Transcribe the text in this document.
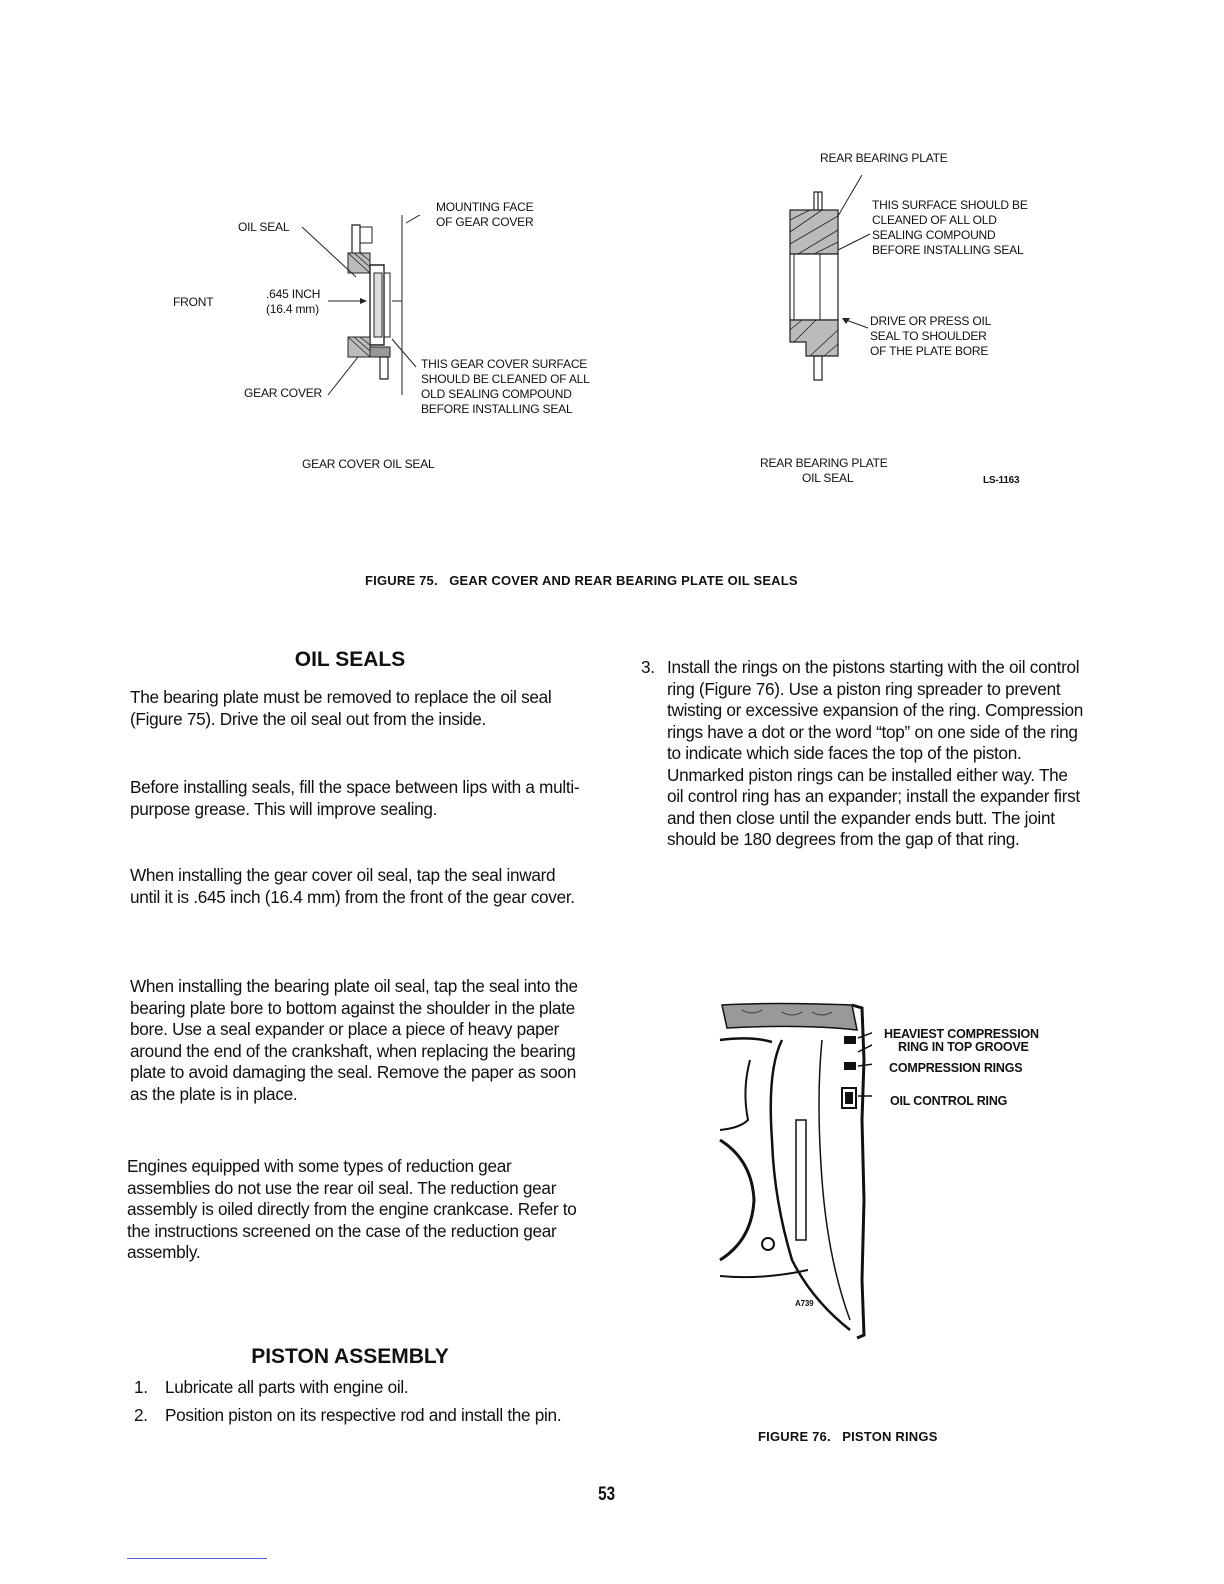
OIL SEAL
MOUNTING FACE
OF GEAR COVER
FRONT
.645 INCH
(16.4 mm)
GEAR COVER
THIS GEAR COVER SURFACE
SHOULD BE CLEANED OF ALL
OLD SEALING COMPOUND
BEFORE INSTALLING SEAL
GEAR COVER OIL SEAL
REAR BEARING PLATE
THIS SURFACE SHOULD BE
CLEANED OF ALL OLD
SEALING COMPOUND
BEFORE INSTALLING SEAL
DRIVE OR PRESS OIL
SEAL TO SHOULDER
OF THE PLATE BORE
REAR BEARING PLATE
OIL SEAL	LS-1163
FIGURE 75.   GEAR COVER AND REAR BEARING PLATE OIL SEALS
OIL SEALS
The bearing plate must be removed to replace the oil seal (Figure 75). Drive the oil seal out from the inside.
Before installing seals, fill the space between lips with a multi-purpose grease. This will improve sealing.
When installing the gear cover oil seal, tap the seal inward until it is .645 inch (16.4 mm) from the front of the gear cover.
When installing the bearing plate oil seal, tap the seal into the bearing plate bore to bottom against the shoulder in the plate bore. Use a seal expander or place a piece of heavy paper around the end of the crankshaft, when replacing the bearing plate to avoid damaging the seal. Remove the paper as soon as the plate is in place.
Engines equipped with some types of reduction gear assemblies do not use the rear oil seal. The reduction gear assembly is oiled directly from the engine crankcase. Refer to the instructions screened on the case of the reduction gear assembly.
PISTON ASSEMBLY
1. Lubricate all parts with engine oil.
2. Position piston on its respective rod and install the pin.
3. Install the rings on the pistons starting with the oil control ring (Figure 76). Use a piston ring spreader to prevent twisting or excessive expansion of the ring. Compression rings have a dot or the word “top” on one side of the ring to indicate which side faces the top of the piston. Unmarked piston rings can be installed either way. The oil control ring has an expander; install the expander first and then close until the expander ends butt. The joint should be 180 degrees from the gap of that ring.
HEAVIEST COMPRESSION
RING IN TOP GROOVE
COMPRESSION RINGS
OIL CONTROL RING
A739
FIGURE 76.   PISTON RINGS
53
